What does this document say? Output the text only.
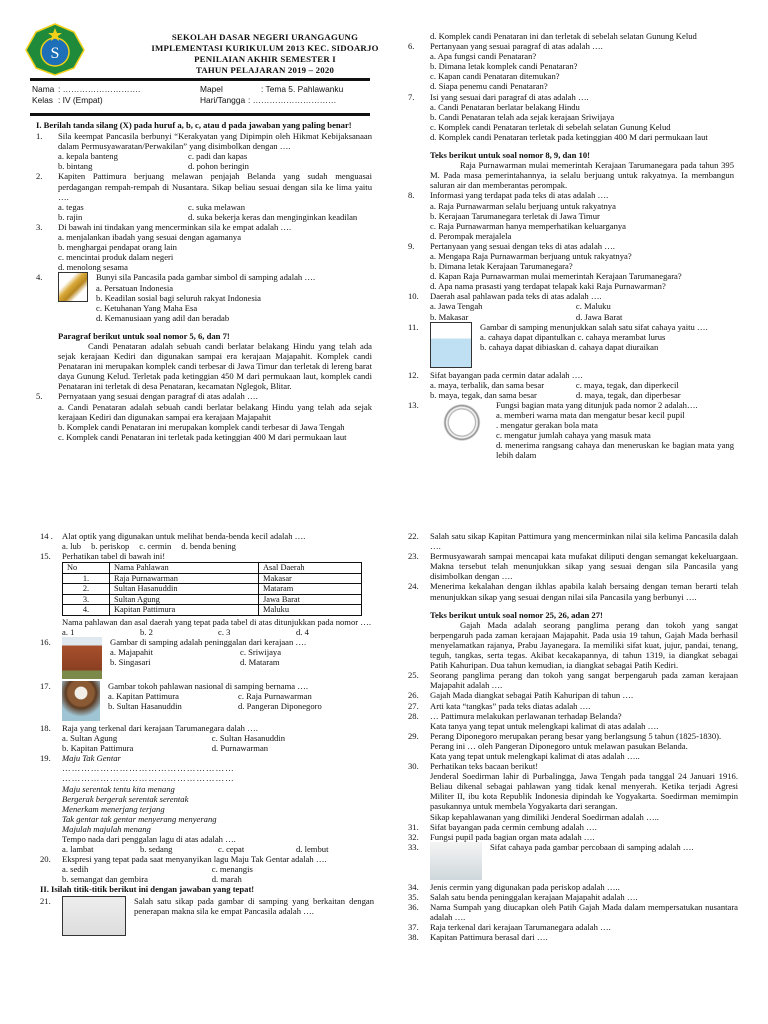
S
SEKOLAH DASAR NEGERI URANGAGUNG
IMPLEMENTASI KURIKULUM 2013 KEC. SIDOARJO
PENILAIAN AKHIR SEMESTER I
TAHUN PELAJARAN 2019 – 2020
Nama : ……………………….	Mapel	: Tema 5. Pahlawanku
Kelas : IV (Empat)	Hari/Tangga : …………………………
I. Berilah tanda silang (X) pada huruf a, b, c, atau d pada jawaban yang paling benar!
1.	Sila keempat Pancasila berbunyi “Kerakyatan yang Dipimpin oleh Hikmat Kebijaksanaan dalam Permusyawaratan/Perwakilan” yang disimbolkan dengan ….
a. kepala banteng	c. padi dan kapas
b. bintang	d. pohon beringin
2.	Kapiten Pattimura berjuang melawan penjajah Belanda yang sudah menguasai perdagangan rempah-rempah di Nusantara. Sikap beliau sesuai dengan sila ke lima yaitu ….
a. tegas	c. suka melawan
b. rajin	d. suka bekerja keras dan menginginkan keadilan
3.	Di bawah ini tindakan yang mencerminkan sila ke empat adalah ….
a. menjalankan ibadah yang sesuai dengan agamanya
b. menghargai pendapat orang lain
c. mencintai produk dalam negeri
d. menolong sesama
4.	Bunyi sila Pancasila pada gambar simbol di samping adalah ….
a. Persatuan Indonesia
b. Keadilan sosial bagi seluruh rakyat Indonesia
c. Ketuhanan Yang Maha Esa
d. Kemanusiaan yang adil dan beradab
Paragraf berikut untuk soal nomor 5, 6, dan 7!
Candi Penataran adalah sebuah candi berlatar belakang Hindu yang telah ada sejak kerajaan Kediri dan digunakan sampai era kerajaan Majapahit. Komplek candi Penataran ini merupakan komplek candi terbesar di Jawa Timur dan terletak di lereng barat daya Gunung Kelud. Terletak pada ketinggian 450 M dari permukaan laut, komplek candi Penataran ini terletak di desa Penataran, kecamatan Nglegok, Blitar.
5.	Pernyataan yang sesuai dengan paragraf di atas adalah ….
a. Candi Penataran adalah sebuah candi berlatar belakang Hindu yang telah ada sejak kerajaan Kediri dan digunakan sampai era kerajaan Majapahit
b. Komplek candi Penataran ini merupakan komplek candi terbesar di Jawa Tengah
c. Komplek candi Penataran ini terletak pada ketinggian 400 M dari permukaan laut
d. Komplek candi Penataran ini dan terletak di sebelah selatan Gunung Kelud
6.	Pertanyaan yang sesuai paragraf di atas adalah ….
a. Apa fungsi candi Penataran?
b. Dimana letak komplek candi Penataran?
c. Kapan candi Penataran ditemukan?
d. Siapa penemu candi Penataran?
7.	Isi yang sesuai dari paragraf di atas adalah ….
a. Candi Penataran berlatar belakang Hindu
b. Candi Penataran telah ada sejak kerajaan Sriwijaya
c. Komplek candi Penataran terletak di sebelah selatan Gunung Kelud
d. Komplek candi Penataran terletak pada ketinggian 400 M dari permukaan laut
Teks berikut untuk soal nomor 8, 9, dan 10!
Raja Purnawarman mulai memerintah Kerajaan Tarumanegara pada tahun 395 M. Pada masa pemerintahannya, ia selalu berjuang untuk rakyatnya. Ia membangun saluran air dan memberantas perompak.
8.	Informasi yang terdapat pada teks di atas adalah ….
a. Raja Purnawarman selalu berjuang untuk rakyatnya
b. Kerajaan Tarumanegara terletak di Jawa Timur
c. Raja Purnawarman hanya memperhatikan keluarganya
d. Perompak merajalela
9.	Pertanyaan yang sesuai dengan teks di atas adalah ….
a. Mengapa Raja Purnawarman berjuang untuk rakyatnya?
b. Dimana letak Kerajaan Tarumanegara?
d. Kapan Raja Purnawarman mulai memerintah Kerajaan Tarumanegara?
d. Apa nama prasasti yang terdapat telapak kaki Raja Purnawarman?
10.	Daerah asal pahlawan pada teks di atas adalah ….
a. Jawa Tengah	c. Maluku
b. Makasar	d. Jawa Barat
11.	Gambar di samping menunjukkan salah satu sifat cahaya yaitu ….
a. cahaya dapat dipantulkan c. cahaya merambat lurus
b. cahaya dapat dibiaskan d. cahaya dapat diuraikan
12.	Sifat bayangan pada cermin datar adalah ….
a. maya, terbalik, dan sama besar	c. maya, tegak, dan diperkecil
b. maya, tegak, dan sama besar	d. maya, tegak, dan diperbesar
13.	Fungsi bagian mata yang ditunjuk pada nomor 2 adalah….
a. memberi warna mata dan mengatur besar kecil pupil
. mengatur gerakan bola mata
c. mengatur jumlah cahaya yang masuk mata
d. menerima rangsang cahaya dan meneruskan ke bagian mata yang lebih dalam
14 .	Alat optik yang digunakan untuk melihat benda-benda kecil adalah ….
a. lub b. periskop c. cermin d. benda bening
15.	Perhatikan tabel di bawah ini!
No	Nama Pahlawan	Asal Daerah
1.	Raja Purnawarman	Makasar
2.	Sultan Hasanuddin	Mataram
3.	Sultan Agung	Jawa Barat
4.	Kapitan Pattimura	Maluku
Nama pahlawan dan asal daerah yang tepat pada tabel di atas ditunjukkan pada nomor ….
a. 1	b. 2	c. 3	d. 4
16.	Gambar di samping adalah peninggalan dari kerajaan ….
a. Majapahit	c. Sriwijaya
b. Singasari	d. Mataram
17.	Gambar tokoh pahlawan nasional di samping bernama ….
a. Kapitan Pattimura	c. Raja Purnawarman
b. Sultan Hasanuddin	d. Pangeran Diponegoro
18.	Raja yang terkenal dari kerajaan Tarumanegara dalah ….
a. Sultan Agung	c. Sultan Hasanuddin
b. Kapitan Pattimura	d. Purnawarman
19.	Maju Tak Gentar
………………………………………………
………………………………………………
Maju serentak tentu kita menang
Bergerak bergerak serentak serentak
Menerkam menerjang terjang
Tak gentar tak gentar menyerang menyerang
Majulah majulah menang
Tempo nada dari penggalan lagu di atas adalah ….
a. lambat	b. sedang	c. cepat	d. lembut
20.	Ekspresi yang tepat pada saat menyanyikan lagu Maju Tak Gentar adalah ….
a. sedih	c. menangis
b. semangat dan gembira	d. marah
II. Isilah titik-titik berikut ini dengan jawaban yang tepat!
21.	Salah satu sikap pada gambar di samping yang berkaitan dengan penerapan makna sila ke empat Pancasila adalah ….
22.	Salah satu sikap Kapitan Pattimura yang mencerminkan nilai sila kelima Pancasila dalah ….
23.	Bermusyawarah sampai mencapai kata mufakat diliputi dengan semangat kekeluargaan. Makna tersebut telah menunjukkan sikap yang sesuai dengan sila Pancasila yang disimbolkan dengan ….
24.	Menerima kekalahan dengan ikhlas apabila kalah bersaing dengan teman berarti telah menunjukkan sikap yang sesuai dengan nilai sila Pancasila yang berbunyi ….
Teks berikut untuk soal nomor 25, 26, adan 27!
Gajah Mada adalah seorang panglima perang dan tokoh yang sangat berpengaruh pada zaman kerajaan Majapahit. Pada usia 19 tahun, Gajah Mada berhasil menyelamatkan rajanya, Prabu Jayanegara. Ia memiliki sifat kuat, jujur, pandai, tenang, teguh, tangkas, serta tegas. Akibat kecakapannya, di tahun 1319, ia diangkat sebagai Patih Kahuripan. Dua tahun kemudian, ia diangkat sebagai Patih Kediri.
25.	Seorang panglima perang dan tokoh yang sangat berpengaruh pada zaman kerajaan Majapahit adalah ….
26.	Gajah Mada diangkat sebagai Patih Kahuripan di tahun ….
27.	Arti kata “tangkas” pada teks diatas adalah ….
28.	… Pattimura melakukan perlawanan terhadap Belanda?
Kata tanya yang tepat untuk melengkapi kalimat di atas adalah ….
29.	Perang Diponegoro merupakan perang besar yang berlangsung 5 tahun (1825-1830).
Perang ini … oleh Pangeran Diponegoro untuk melawan pasukan Belanda.
Kata yang tepat untuk melengkapi kalimat di atas adalah …..
30.	Perhatikan teks bacaan berikut!
Jenderal Soedirman lahir di Purbalingga, Jawa Tengah pada tanggal 24 Januari 1916. Beliau dikenal sebagai pahlawan yang tidak kenal menyerah. Ketika terjadi Agresi Militer II, ibu kota Republik Indonesia dipindah ke Yogyakarta. Soedirman memimpin pasukannya untuk membela Yogyakarta dari serangan.
Sikap kepahlawanan yang dimiliki Jenderal Soedirman adalah …..
31.	Sifat bayangan pada cermin cembung adalah ….
32.	Fungsi pupil pada bagian organ mata adalah ….
33.	Sifat cahaya pada gambar percobaan di samping adalah ….
34.	Jenis cermin yang digunakan pada periskop adalah …..
35.	Salah satu benda peninggalan kerajaan Majapahit adalah ….
36.	Nama Sumpah yang diucapkan oleh Patih Gajah Mada dalam mempersatukan nusantara adalah ….
37.	Raja terkenal dari kerajaan Tarumanegara adalah ….
38.	Kapitan Pattimura berasal dari ….
